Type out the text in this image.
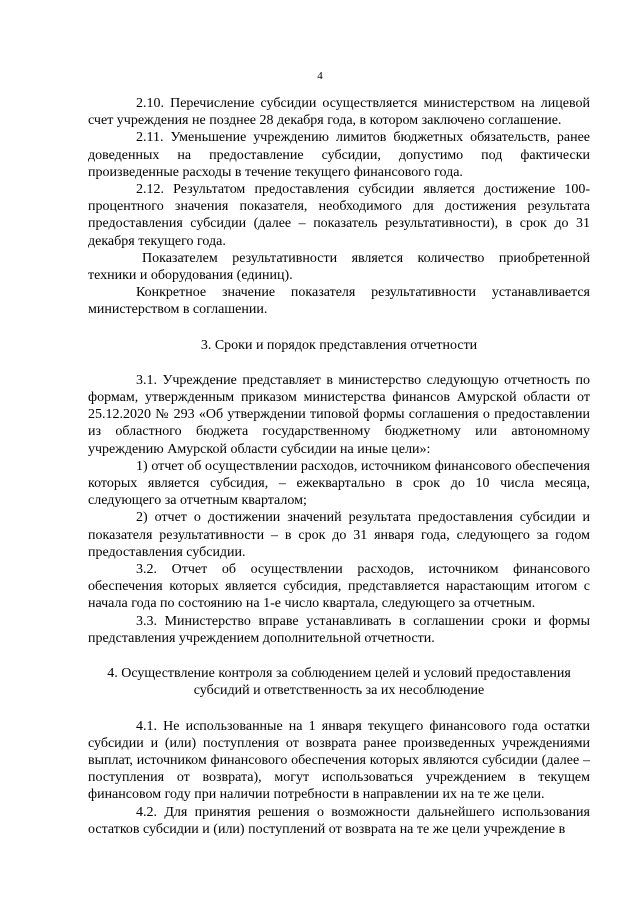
4

2.10. Перечисление субсидии осуществляется министерством на лицевой счет учреждения не позднее 28 декабря года, в котором заключено соглашение.

2.11. Уменьшение учреждению лимитов бюджетных обязательств, ранее доведенных на предоставление субсидии, допустимо под фактически произведенные расходы в течение текущего финансового года.

2.12. Результатом предоставления субсидии является достижение 100-процентного значения показателя, необходимого для достижения результата предоставления субсидии (далее – показатель результативности), в срок до 31 декабря текущего года.

Показателем результативности является количество приобретенной техники и оборудования (единиц).

Конкретное значение показателя результативности устанавливается министерством в соглашении.

3. Сроки и порядок представления отчетности

3.1. Учреждение представляет в министерство следующую отчетность по формам, утвержденным приказом министерства финансов Амурской области от 25.12.2020 № 293 «Об утверждении типовой формы соглашения о предоставлении из областного бюджета государственному бюджетному или автономному учреждению Амурской области субсидии на иные цели»:

1) отчет об осуществлении расходов, источником финансового обеспечения которых является субсидия, – ежеквартально в срок до 10 числа месяца, следующего за отчетным кварталом;

2) отчет о достижении значений результата предоставления субсидии и показателя результативности – в срок до 31 января года, следующего за годом предоставления субсидии.

3.2. Отчет об осуществлении расходов, источником финансового обеспечения которых является субсидия, представляется нарастающим итогом с начала года по состоянию на 1-е число квартала, следующего за отчетным.

3.3. Министерство вправе устанавливать в соглашении сроки и формы представления учреждением дополнительной отчетности.

4. Осуществление контроля за соблюдением целей и условий предоставления

субсидий и ответственность за их несоблюдение

4.1. Не использованные на 1 января текущего финансового года остатки субсидии и (или) поступления от возврата ранее произведенных учреждениями выплат, источником финансового обеспечения которых являются субсидии (далее – поступления от возврата), могут использоваться учреждением в текущем финансовом году при наличии потребности в направлении их на те же цели.

4.2. Для принятия решения о возможности дальнейшего использования остатков субсидии и (или) поступлений от возврата на те же цели учреждение в
